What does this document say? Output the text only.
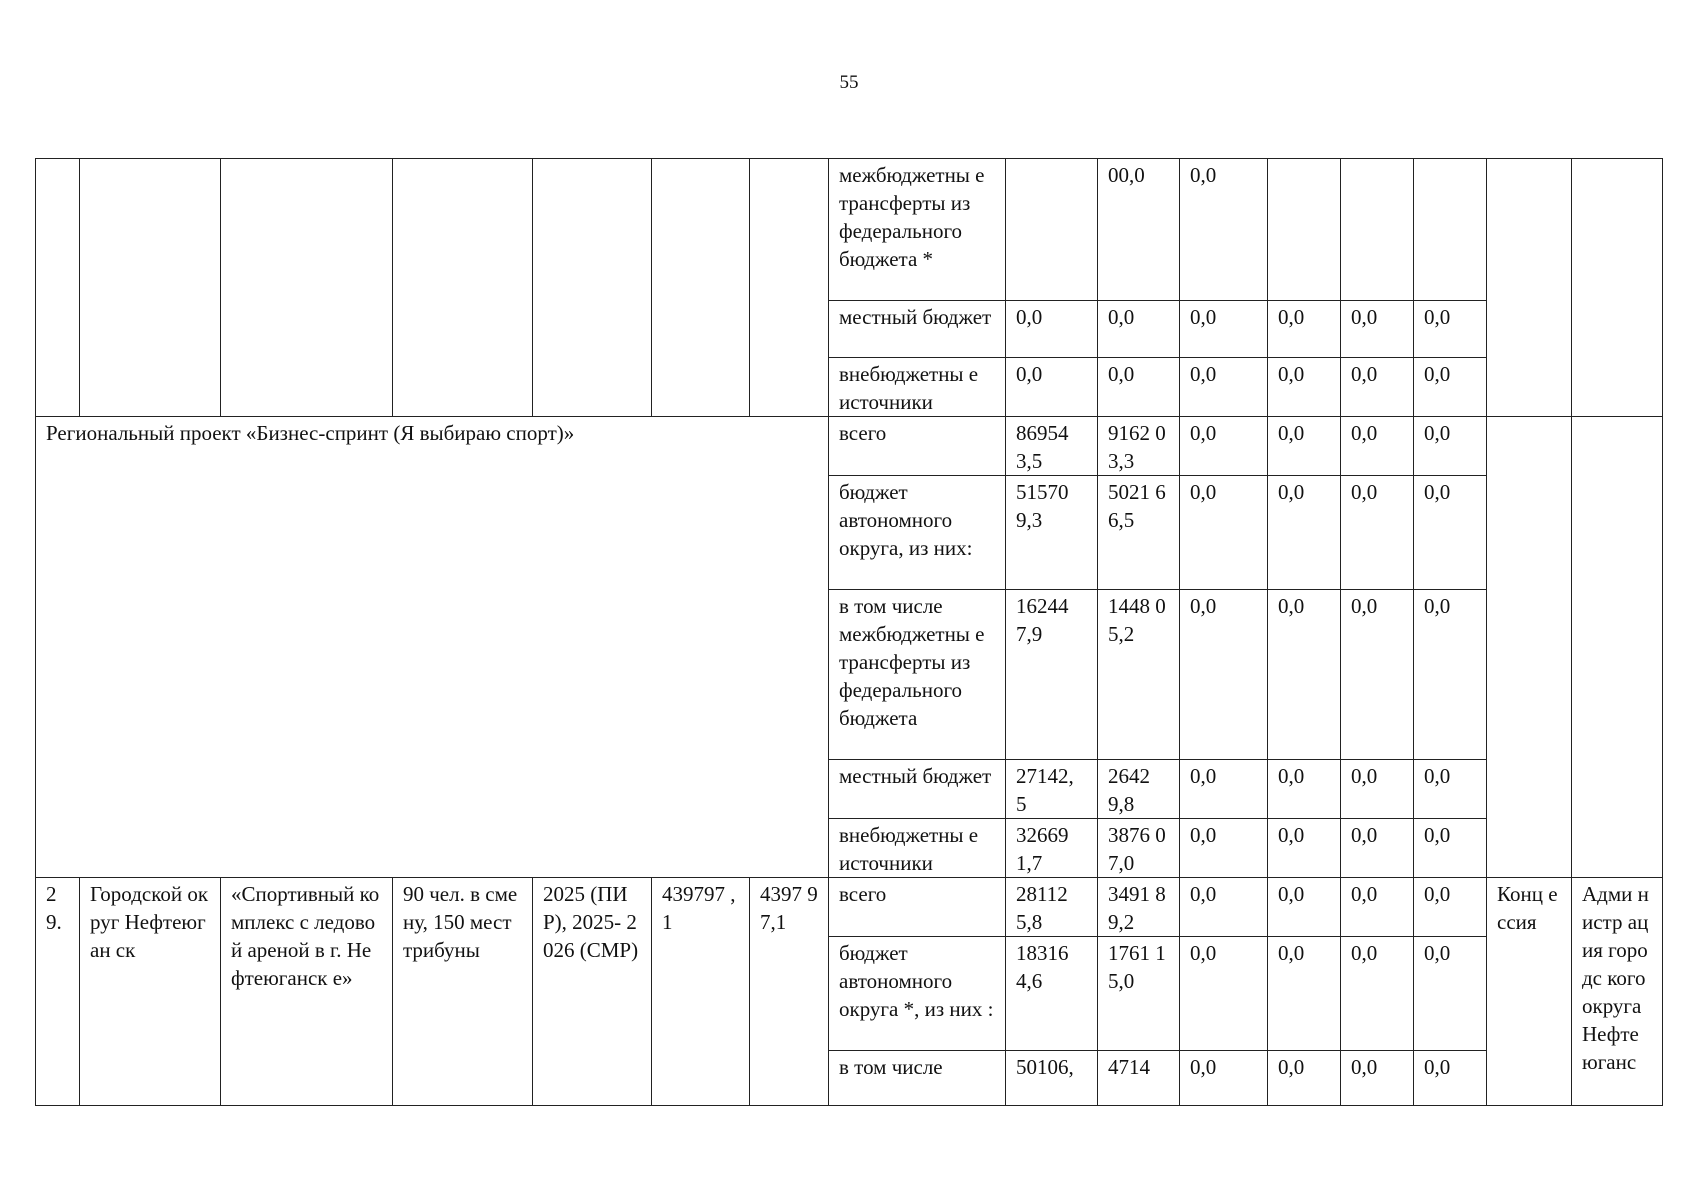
55
							межбюджетны е трансферты из федерального бюджета *		00,0	0,0					
							местный бюджет	0,0	0,0	0,0	0,0	0,0	0,0		
							внебюджетны е источники	0,0	0,0	0,0	0,0	0,0	0,0		
Региональный проект «Бизнес-спринт (Я выбираю спорт)»							всего	86954 3,5	9162 03,3	0,0	0,0	0,0	0,0		
							бюджет автономного округа, из них:	51570 9,3	5021 66,5	0,0	0,0	0,0	0,0		
							в том числе межбюджетны е трансферты из федерального бюджета	16244 7,9	1448 05,2	0,0	0,0	0,0	0,0		
							местный бюджет	27142, 5	2642 9,8	0,0	0,0	0,0	0,0		
							внебюджетны е источники	32669 1,7	3876 07,0	0,0	0,0	0,0	0,0		
2 9.	Городской округ Нефтеюган ск	«Спортивный комплекс с ледовой ареной в г. Нефтеюганск е»	90 чел. в смену, 150 мест трибуны	2025 (ПИР), 2025- 2026 (СМР)	439797 ,1	4397 97,1	всего	28112 5,8	3491 89,2	0,0	0,0	0,0	0,0	Конц ессия	Адми нистр ация городс кого округа Нефте юганс
							бюджет автономного округа *, из них :	18316 4,6	1761 15,0	0,0	0,0	0,0	0,0		
							в том числе	50106,	4714	0,0	0,0	0,0	0,0		
